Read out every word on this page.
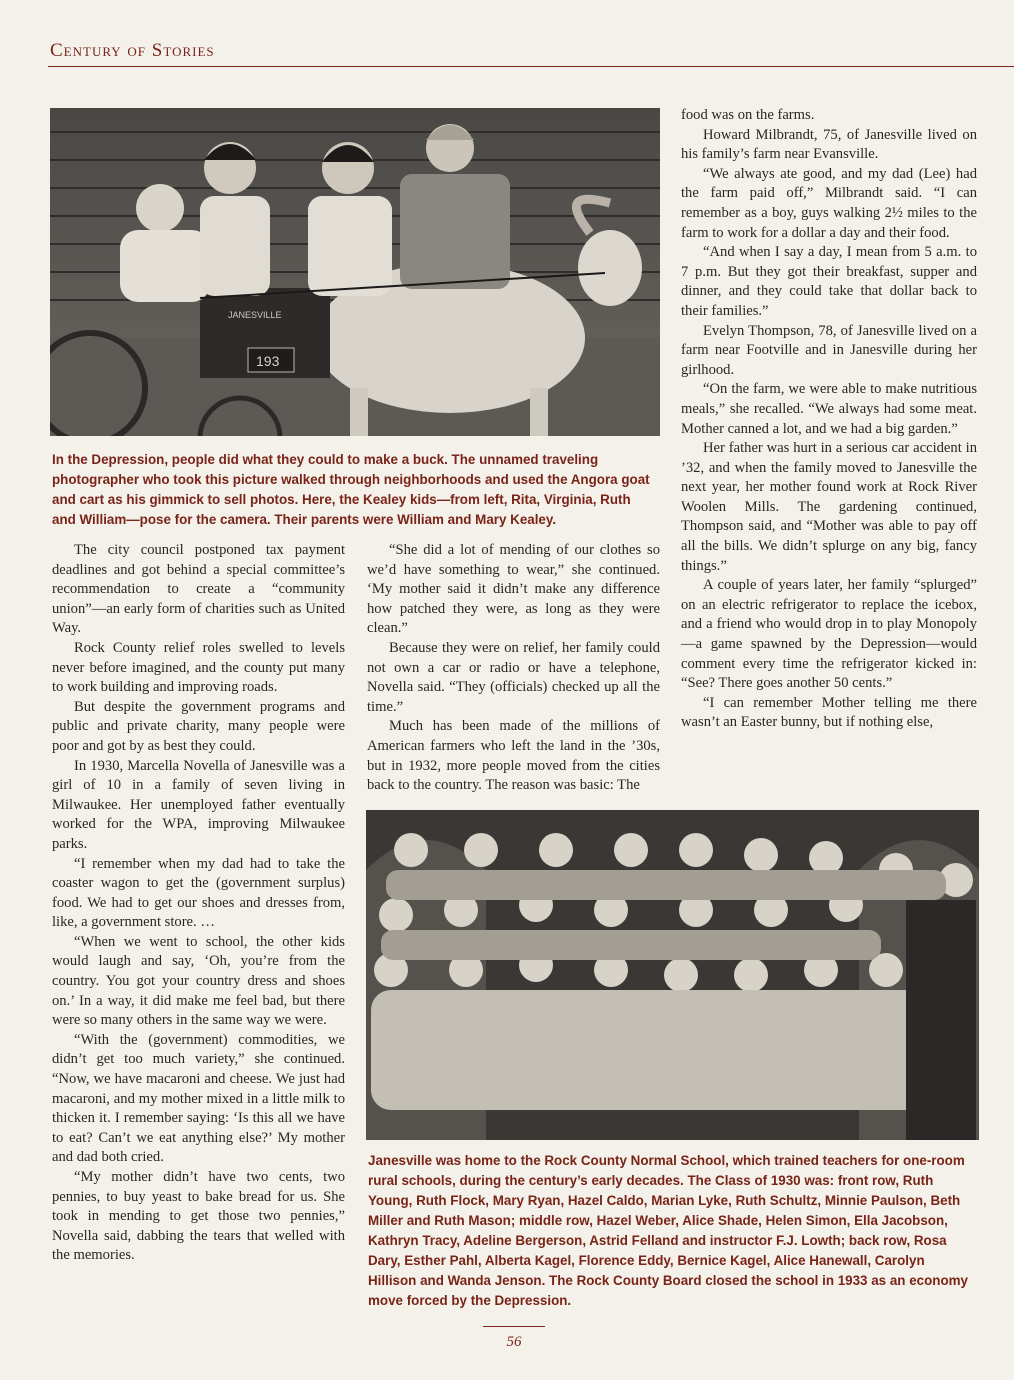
Century of Stories
JANESVILLE
193
In the Depression, people did what they could to make a buck. The unnamed traveling photographer who took this picture walked through neighborhoods and used the Angora goat and cart as his gimmick to sell photos. Here, the Kealey kids—from left, Rita, Virginia, Ruth and William—pose for the camera. Their parents were William and Mary Kealey.

The city council postponed tax payment deadlines and got behind a special committee’s recommendation to create a “community union”—an early form of charities such as United Way.

Rock County relief roles swelled to levels never before imagined, and the county put many to work building and improving roads.

But despite the government programs and public and private charity, many people were poor and got by as best they could.

In 1930, Marcella Novella of Janesville was a girl of 10 in a family of seven living in Milwaukee. Her unemployed father eventually worked for the WPA, improving Milwaukee parks.

“I remember when my dad had to take the coaster wagon to get the (government surplus) food. We had to get our shoes and dresses from, like, a government store. …

“When we went to school, the other kids would laugh and say, ‘Oh, you’re from the country. You got your country dress and shoes on.’ In a way, it did make me feel bad, but there were so many others in the same way we were.

“With the (government) commodities, we didn’t get too much variety,” she continued. “Now, we have macaroni and cheese. We just had macaroni, and my mother mixed in a little milk to thicken it. I remember saying: ‘Is this all we have to eat? Can’t we eat anything else?’ My mother and dad both cried.

“My mother didn’t have two cents, two pennies, to buy yeast to bake bread for us. She took in mending to get those two pennies,” Novella said, dabbing the tears that welled with the memories.

“She did a lot of mending of our clothes so we’d have something to wear,” she continued. ‘My mother said it didn’t make any difference how patched they were, as long as they were clean.”

Because they were on relief, her family could not own a car or radio or have a telephone, Novella said. “They (officials) checked up all the time.”

Much has been made of the millions of American farmers who left the land in the ’30s, but in 1932, more people moved from the cities back to the country. The reason was basic: The

food was on the farms.

Howard Milbrandt, 75, of Janesville lived on his family’s farm near Evansville.

“We always ate good, and my dad (Lee) had the farm paid off,” Milbrandt said. “I can remember as a boy, guys walking 2½ miles to the farm to work for a dollar a day and their food.

“And when I say a day, I mean from 5 a.m. to 7 p.m. But they got their breakfast, supper and dinner, and they could take that dollar back to their families.”

Evelyn Thompson, 78, of Janesville lived on a farm near Footville and in Janesville during her girlhood.

“On the farm, we were able to make nutritious meals,” she recalled. “We always had some meat. Mother canned a lot, and we had a big garden.”

Her father was hurt in a serious car accident in ’32, and when the family moved to Janesville the next year, her mother found work at Rock River Woolen Mills. The gardening continued, Thompson said, and “Mother was able to pay off all the bills. We didn’t splurge on any big, fancy things.”

A couple of years later, her family “splurged” on an electric refrigerator to replace the icebox, and a friend who would drop in to play Monopoly—a game spawned by the Depression—would comment every time the refrigerator kicked in: “See? There goes another 50 cents.”

“I can remember Mother telling me there wasn’t an Easter bunny, but if nothing else,

Janesville was home to the Rock County Normal School, which trained teachers for one-room rural schools, during the century’s early decades. The Class of 1930 was: front row, Ruth Young, Ruth Flock, Mary Ryan, Hazel Caldo, Marian Lyke, Ruth Schultz, Minnie Paulson, Beth Miller and Ruth Mason; middle row, Hazel Weber, Alice Shade, Helen Simon, Ella Jacobson, Kathryn Tracy, Adeline Bergerson, Astrid Felland and instructor F.J. Lowth; back row, Rosa Dary, Esther Pahl, Alberta Kagel, Florence Eddy, Bernice Kagel, Alice Hanewall, Carolyn Hillison and Wanda Jenson. The Rock County Board closed the school in 1933 as an economy move forced by the Depression.
56
